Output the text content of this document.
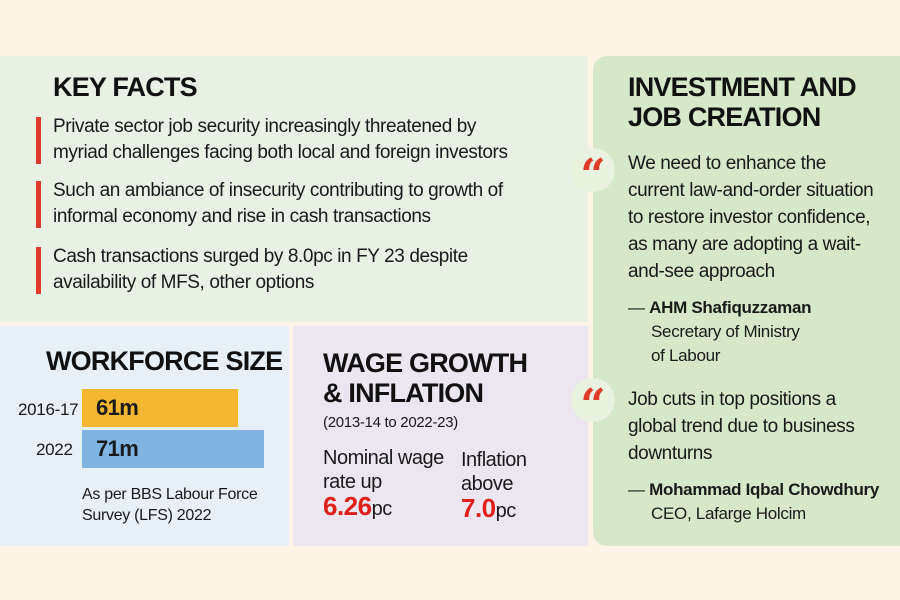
KEY FACTS
Private sector job security increasingly threatened by
myriad challenges facing both local and foreign investors
Such an ambiance of insecurity contributing to growth of
informal economy and rise in cash transactions
Cash transactions surged by 8.0pc in FY 23 despite
availability of MFS, other options
WORKFORCE SIZE
2016-17 61m
2022	71m
As per BBS Labour Force
Survey (LFS) 2022
WAGE GROWTH
& INFLATION
(2013-14 to 2022-23)
Nominal wage
rate up
6.26pc
Inflation
above
7.0pc
INVESTMENT AND
JOB CREATION
“	We need to enhance the
current law-and-order situation
to restore investor confidence,
as many are adopting a wait-
and-see approach
— AHM Shafiquzzaman
Secretary of Ministry
of Labour
“	Job cuts in top positions a
global trend due to business
downturns
— Mohammad Iqbal Chowdhury
CEO, Lafarge Holcim
